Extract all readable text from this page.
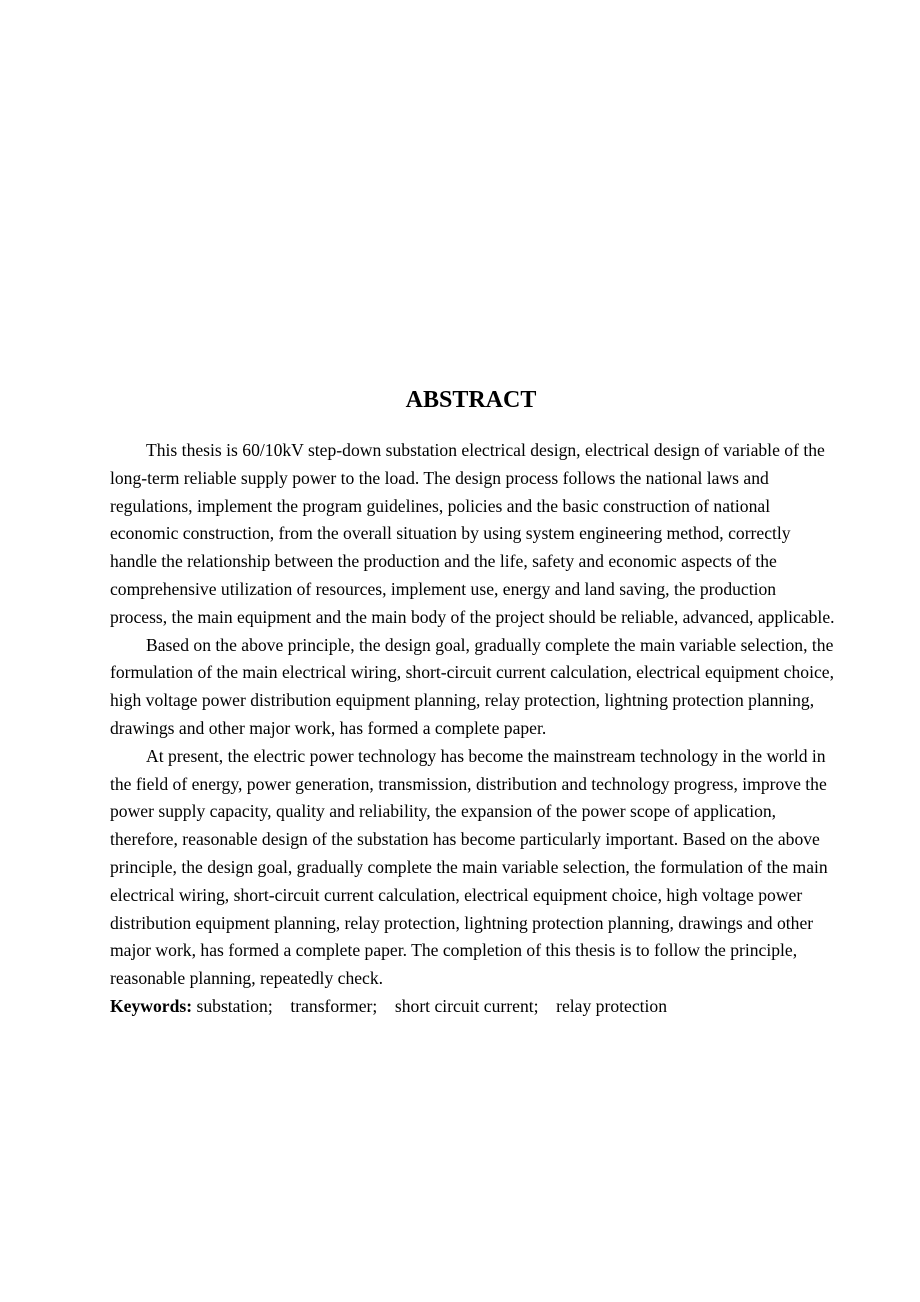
ABSTRACT

This thesis is 60/10kV step-down substation electrical design, electrical design of variable of the long-term reliable supply power to the load. The design process follows the national laws and regulations, implement the program guidelines, policies and the basic construction of national economic construction, from the overall situation by using system engineering method, correctly handle the relationship between the production and the life, safety and economic aspects of the comprehensive utilization of resources, implement use, energy and land saving, the production process, the main equipment and the main body of the project should be reliable, advanced, applicable.

Based on the above principle, the design goal, gradually complete the main variable selection, the formulation of the main electrical wiring, short-circuit current calculation, electrical equipment choice, high voltage power distribution equipment planning, relay protection, lightning protection planning, drawings and other major work, has formed a complete paper.

At present, the electric power technology has become the mainstream technology in the world in the field of energy, power generation, transmission, distribution and technology progress, improve the power supply capacity, quality and reliability, the expansion of the power scope of application, therefore, reasonable design of the substation has become particularly important. Based on the above principle, the design goal, gradually complete the main variable selection, the formulation of the main electrical wiring, short-circuit current calculation, electrical equipment choice, high voltage power distribution equipment planning, relay protection, lightning protection planning, drawings and other major work, has formed a complete paper. The completion of this thesis is to follow the principle, reasonable planning, repeatedly check.

Keywords: substation;    transformer;    short circuit current;    relay protection
